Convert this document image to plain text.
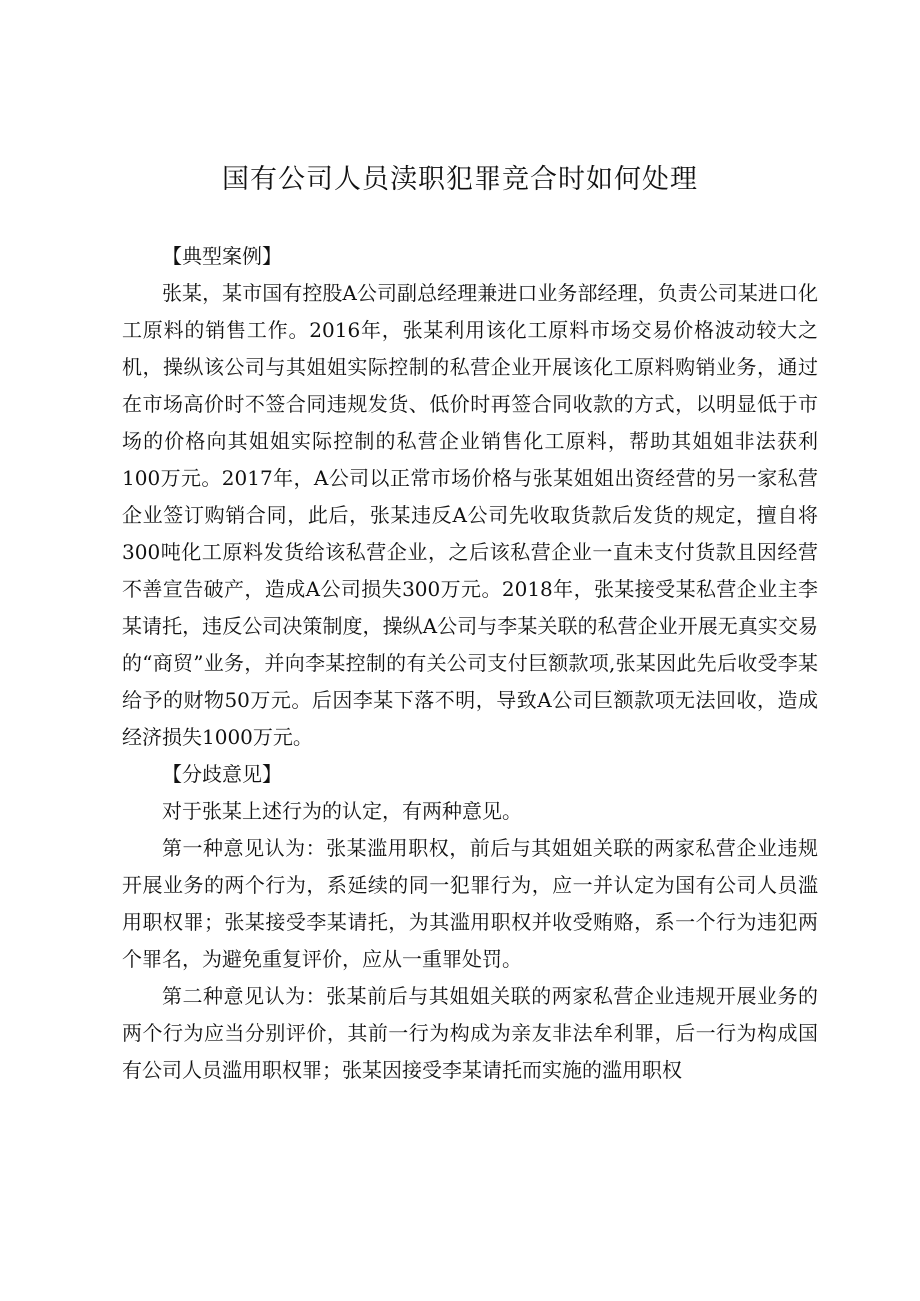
国有公司人员渎职犯罪竞合时如何处理

【典型案例】

张某，某市国有控股A公司副总经理兼进口业务部经理，负责公司某进口化工原料的销售工作。2016年，张某利用该化工原料市场交易价格波动较大之机，操纵该公司与其姐姐实际控制的私营企业开展该化工原料购销业务，通过在市场高价时不签合同违规发货、低价时再签合同收款的方式，以明显低于市场的价格向其姐姐实际控制的私营企业销售化工原料，帮助其姐姐非法获利100万元。2017年，A公司以正常市场价格与张某姐姐出资经营的另一家私营企业签订购销合同，此后，张某违反A公司先收取货款后发货的规定，擅自将300吨化工原料发货给该私营企业，之后该私营企业一直未支付货款且因经营不善宣告破产，造成A公司损失300万元。2018年，张某接受某私营企业主李某请托，违反公司决策制度，操纵A公司与李某关联的私营企业开展无真实交易的“商贸”业务，并向李某控制的有关公司支付巨额款项,张某因此先后收受李某给予的财物50万元。后因李某下落不明，导致A公司巨额款项无法回收，造成经济损失1000万元。

【分歧意见】

对于张某上述行为的认定，有两种意见。

第一种意见认为：张某滥用职权，前后与其姐姐关联的两家私营企业违规开展业务的两个行为，系延续的同一犯罪行为，应一并认定为国有公司人员滥用职权罪；张某接受李某请托，为其滥用职权并收受贿赂，系一个行为违犯两个罪名，为避免重复评价，应从一重罪处罚。

第二种意见认为：张某前后与其姐姐关联的两家私营企业违规开展业务的两个行为应当分别评价，其前一行为构成为亲友非法牟利罪，后一行为构成国有公司人员滥用职权罪；张某因接受李某请托而实施的滥用职权
